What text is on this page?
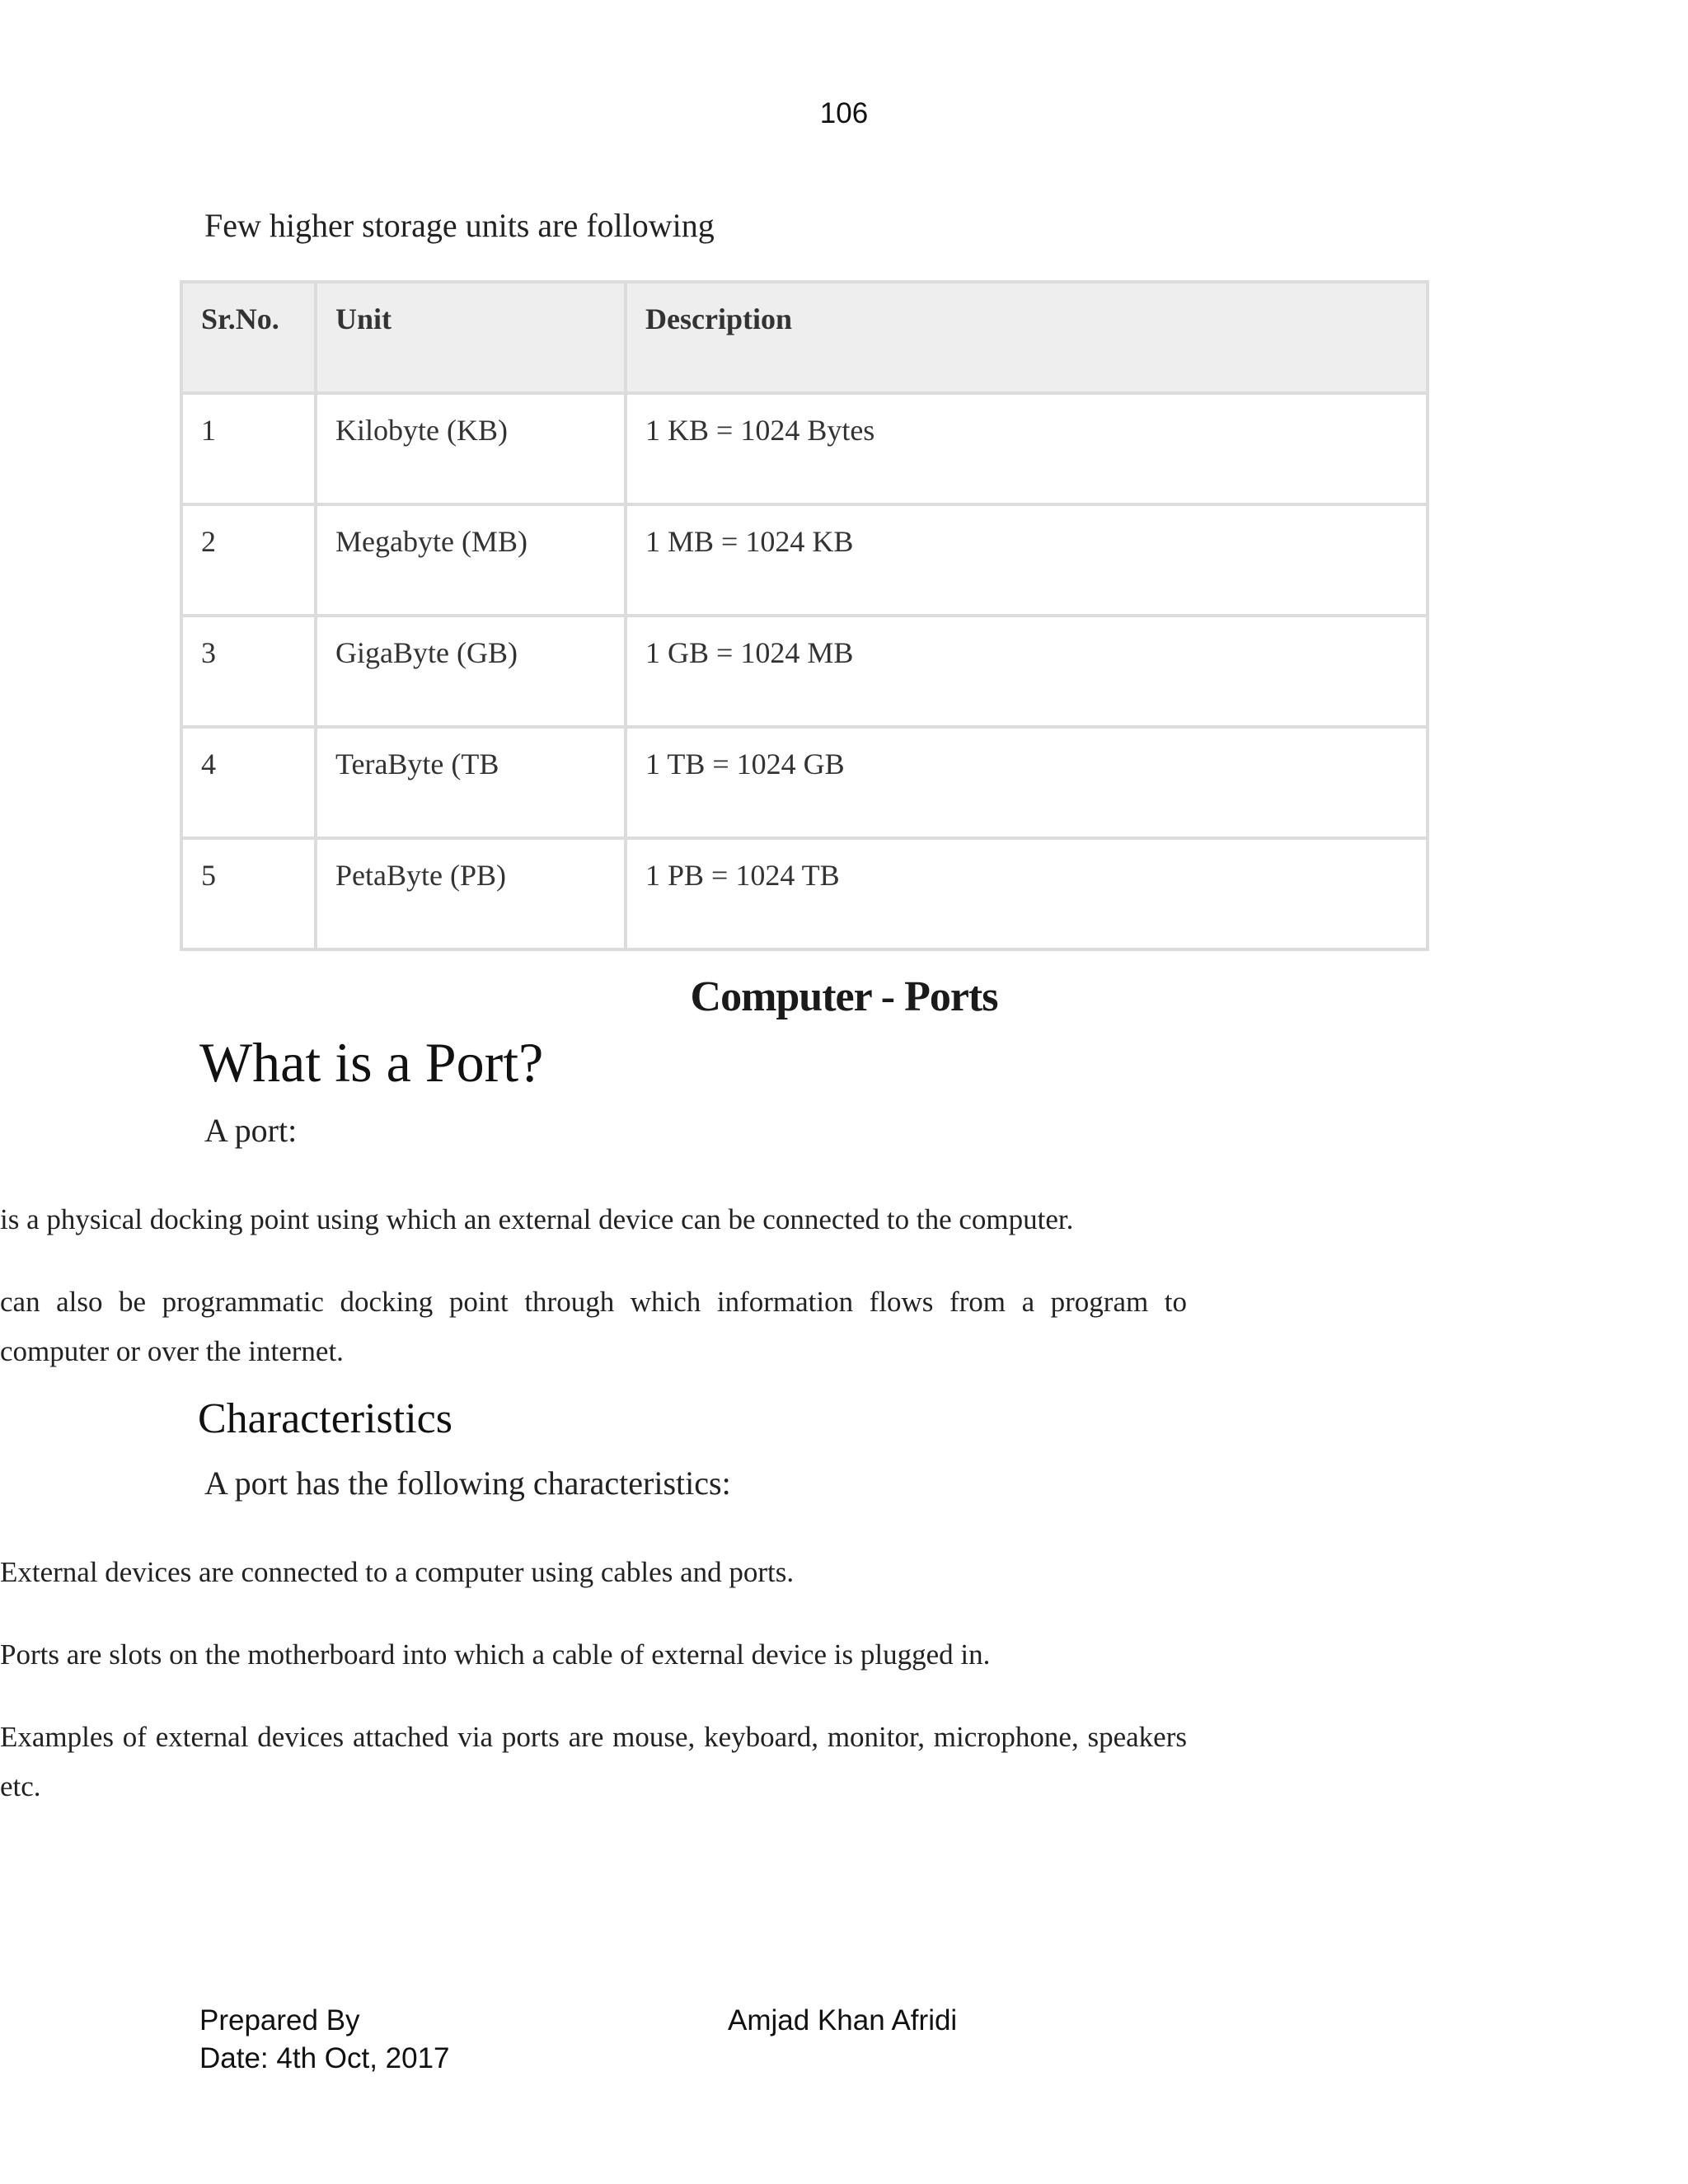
106
Few higher storage units are following
Sr.No.	Unit	Description
1	Kilobyte (KB)	1 KB = 1024 Bytes
2	Megabyte (MB)	1 MB = 1024 KB
3	GigaByte (GB)	1 GB = 1024 MB
4	TeraByte (TB	1 TB = 1024 GB
5	PetaByte (PB)	1 PB = 1024 TB
Computer - Ports
What is a Port?
A port:
is a physical docking point using which an external device can be connected to the computer.
can also be programmatic docking point through which information flows from a program to computer or over the internet.
Characteristics
A port has the following characteristics:
External devices are connected to a computer using cables and ports.
Ports are slots on the motherboard into which a cable of external device is plugged in.
Examples of external devices attached via ports are mouse, keyboard, monitor, microphone, speakers etc.
Prepared By	Amjad Khan Afridi
Date: 4th Oct, 2017
